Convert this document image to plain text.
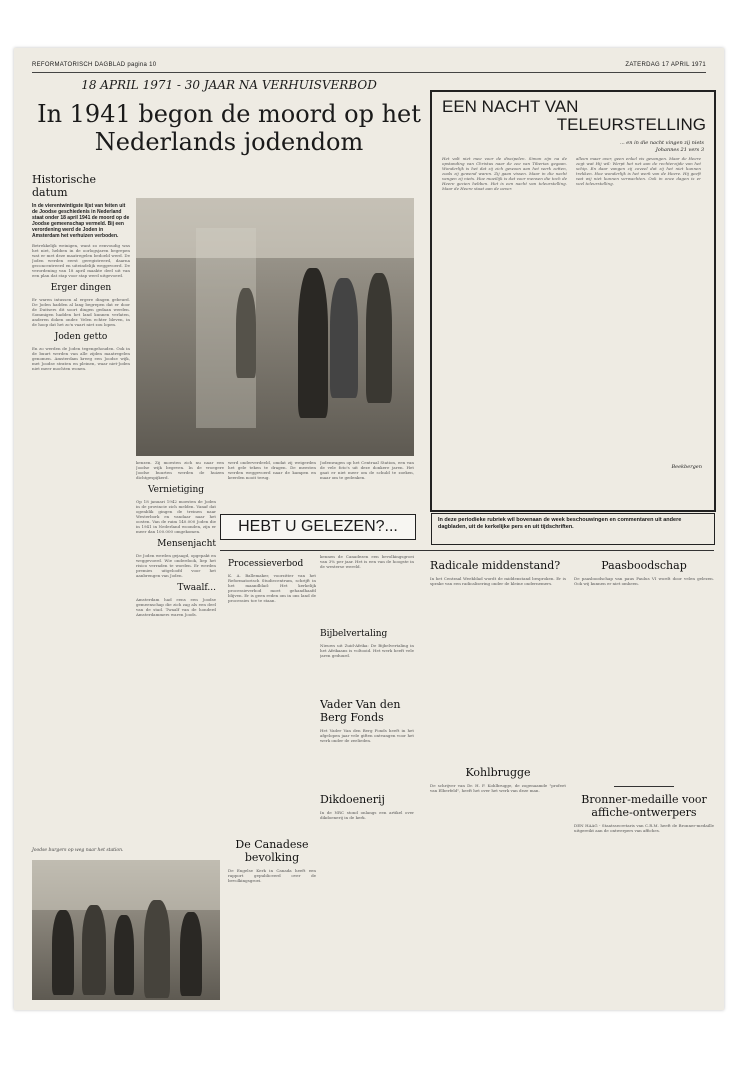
REFORMATORISCH DAGBLAD pagina 10	ZATERDAG 17 APRIL 1971
18 APRIL 1971 - 30 JAAR NA VERHUISVERBOD
In 1941 begon de moord op het Nederlands jodendom
Historische datum
In de vierentwintigste lijst van feiten uit de Joodse geschiedenis in Nederland staat onder 18 april 1941 de moord op de Joodse gemeenschap vermeld. Bij een verordening werd de Joden in Amsterdam het verhuizen verboden.
Betrekkelijk weinigen, want zo eenvoudig was het niet, hebben in de oorlogsjaren begrepen wat er met deze maatregelen bedoeld werd. De Joden werden eerst geregistreerd, daarna geconcentreerd en uiteindelijk weggevoerd. De verordening van 18 april maakte deel uit van een plan dat stap voor stap werd uitgevoerd.
Erger dingen
Er waren intussen al ergere dingen gebeurd. De Joden hadden al lang begrepen dat er door de Duitsers dit soort dingen gedaan werden. Sommigen hadden het land kunnen verlaten, anderen doken onder. Velen echter bleven, in de hoop dat het zo'n vaart niet zou lopen.
Joden getto
En zo werden de Joden tegengehouden. Ook in de buurt werden van alle zijden maatregelen genomen. Amsterdam kreeg een Joodse wijk, met Joodse straten en pleinen, waar niet-Joden niet meer mochten wonen.
kenzen. Zij moesten zich nu naar een Joodse wijk begeven. In de vroegere Joodse buurten werden de huizen dichtgespijkerd.
werd onderverdeeld, omdat zij weigerden het gele teken te dragen. De meesten werden weggevoerd naar de kampen en keerden nooit terug.
Jodenwagen op het Centraal Station, een van de vele foto's uit deze donkere jaren. Het gaat er niet meer om de schuld te zoeken, maar om te gedenken.
Vernietiging
Op 18 januari 1942 moesten de Joden in de provincie zich melden. Vanaf dat ogenblik gingen de treinen naar Westerbork en vandaar naar het oosten. Van de ruim 140.000 Joden die in 1941 in Nederland woonden, zijn er meer dan 100.000 omgekomen.
Mensenjacht
De Joden werden gejaagd, opgepakt en weggevoerd. Wie onderdook, liep het risico verraden te worden. Er werden premies uitgeloofd voor het aanbrengen van Joden.
Twaalf...
Amsterdam had eens een Joodse gemeenschap die zich zag als een deel van de stad. Twaalf van de honderd Amsterdammers waren Joods.
Joodse burgers op weg naar het station.
EEN NACHT VAN
TELEURSTELLING
... en in die nacht vingen zij niets
Johannes 21 vers 3
Het valt niet mee voor de discipelen. Simon zijn na de opstanding van Christus naar de zee van Tiberias gegaan. Wonderlijk is het dat zij zich gewoon aan het werk zetten, zoals zij gewend waren. Zij gaan vissen. Maar in die nacht vangen zij niets. Hoe moeilijk is dat voor mensen die toch de Heere gezien hebben. Het is een nacht van teleurstelling. Maar de Heere staat aan de oever.
alleen maar over, geen enkel vis gevangen. Maar de Heere zegt wat Hij wil: Werpt het net aan de rechterzijde van het schip. En daar vangen zij zoveel dat zij het niet kunnen trekken. Hoe wonderlijk is het werk van de Heere. Hij geeft wat wij niet kunnen verwachten. Ook in onze dagen is er veel teleurstelling.
Beekbergen
HEBT U GELEZEN?...	In deze periodieke rubriek wil bovenaan de week beschouwingen en commentaren uit andere dagbladen, uit de kerkelijke pers en uit tijdschriften.
Processieverbod
K. A. Ballemaker, voorzitter van het Reformatorisch Studiecentrum, schrijft in het maandblad: Het kerkelijk processieverbod moet gehandhaafd blijven. Er is geen reden om in ons land de processies toe te staan.
De Canadese bevolking
De Engelse Kerk in Canada heeft een rapport gepubliceerd over de bevolkingsgroei.
kennen de Canadezen een bevolkingsgroei van 3% per jaar. Het is een van de hoogste in de westerse wereld.
Bijbelvertaling
Nieuws uit Zuid-Afrika: De Bijbelvertaling in het Afrikaans is voltooid. Het werk heeft vele jaren geduurd.
Vader Van den Berg Fonds
Het Vader Van den Berg Fonds heeft in het afgelopen jaar vele giften ontvangen voor het werk onder de zeelieden.
Dikdoenerij
In de NRC stond onlangs een artikel over dikdoenerij in de kerk.
Radicale middenstand?
In het Centraal Weekblad wordt de middenstand besproken. Er is sprake van een radicalisering onder de kleine ondernemers.
Kohlbrugge
De schrijver van Dr. H. F. Kohlbrugge, de zogenaamde "profeet van Elberfeld", heeft het over het werk van deze man.
Paasboodschap
De paasboodschap van paus Paulus VI wordt door velen gelezen. Ook wij kunnen er niet omheen.
Bronner-medaille voor affiche-ontwerpers
DEN HAAG - Staatssecretaris van C.R.M. heeft de Bronner-medaille uitgereikt aan de ontwerpers van affiches.
